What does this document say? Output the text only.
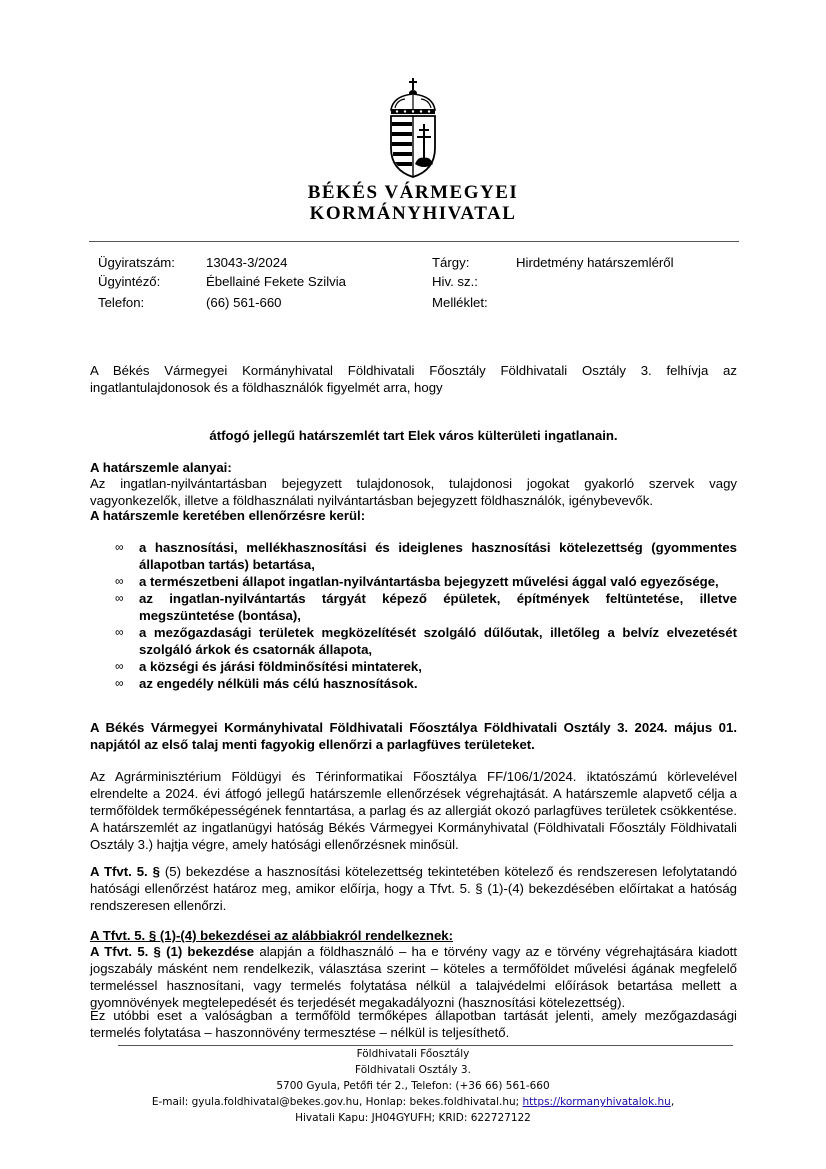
BÉKÉS VÁRMEGYEI
KORMÁNYHIVATAL
Ügyiratszám: 13043-3/2024
Ügyintéző:	Ébellainé Fekete Szilvia
Telefon:	(66) 561-660
Tárgy:	Hirdetmény határszemléről
Hiv. sz.:
Melléklet:

A Békés Vármegyei Kormányhivatal Földhivatali Főosztály Földhivatali Osztály 3. felhívja az ingatlantulajdonosok és a földhasználók figyelmét arra, hogy

átfogó jellegű határszemlét tart Elek város külterületi ingatlanain.

A határszemle alanyai:

Az ingatlan-nyilvántartásban bejegyzett tulajdonosok, tulajdonosi jogokat gyakorló szervek vagy vagyonkezelők, illetve a földhasználati nyilvántartásban bejegyzett földhasználók, igénybevevők.

A határszemle keretében ellenőrzésre kerül:

∞ a hasznosítási, mellékhasznosítási és ideiglenes hasznosítási kötelezettség (gyommentes állapotban tartás) betartása,
∞ a természetbeni állapot ingatlan-nyilvántartásba bejegyzett művelési ággal való egyezősége,
∞ az ingatlan-nyilvántartás tárgyát képező épületek, építmények feltüntetése, illetve megszüntetése (bontása),
∞ a mezőgazdasági területek megközelítését szolgáló dűlőutak, illetőleg a belvíz elvezetését szolgáló árkok és csatornák állapota,
∞ a községi és járási földminősítési mintaterek,
∞ az engedély nélküli más célú hasznosítások.

A Békés Vármegyei Kormányhivatal Földhivatali Főosztálya Földhivatali Osztály 3. 2024. május 01. napjától az első talaj menti fagyokig ellenőrzi a parlagfüves területeket.

Az Agrárminisztérium Földügyi és Térinformatikai Főosztálya FF/106/1/2024. iktatószámú körlevelével elrendelte a 2024. évi átfogó jellegű határszemle ellenőrzések végrehajtását. A határszemle alapvető célja a termőföldek termőképességének fenntartása, a parlag és az allergiát okozó parlagfüves területek csökkentése. A határszemlét az ingatlanügyi hatóság Békés Vármegyei Kormányhivatal (Földhivatali Főosztály Földhivatali Osztály 3.) hajtja végre, amely hatósági ellenőrzésnek minősül.

A Tfvt. 5. § (5) bekezdése a hasznosítási kötelezettség tekintetében kötelező és rendszeresen lefolytatandó hatósági ellenőrzést határoz meg, amikor előírja, hogy a Tfvt. 5. § (1)-(4) bekezdésében előírtakat a hatóság rendszeresen ellenőrzi.

A Tfvt. 5. § (1)-(4) bekezdései az alábbiakról rendelkeznek:

A Tfvt. 5. § (1) bekezdése alapján a földhasználó – ha e törvény vagy az e törvény végrehajtására kiadott jogszabály másként nem rendelkezik, választása szerint – köteles a termőföldet művelési ágának megfelelő termeléssel hasznosítani, vagy termelés folytatása nélkül a talajvédelmi előírások betartása mellett a gyomnövények megtelepedését és terjedését megakadályozni (hasznosítási kötelezettség).

Ez utóbbi eset a valóságban a termőföld termőképes állapotban tartását jelenti, amely mezőgazdasági termelés folytatása – haszonnövény termesztése – nélkül is teljesíthető.

Földhivatali Főosztály
Földhivatali Osztály 3.
5700 Gyula, Petőfi tér 2., Telefon: (+36 66) 561-660
E-mail: gyula.foldhivatal@bekes.gov.hu, Honlap: bekes.foldhivatal.hu; https://kormanyhivatalok.hu,
Hivatali Kapu: JH04GYUFH; KRID: 622727122
